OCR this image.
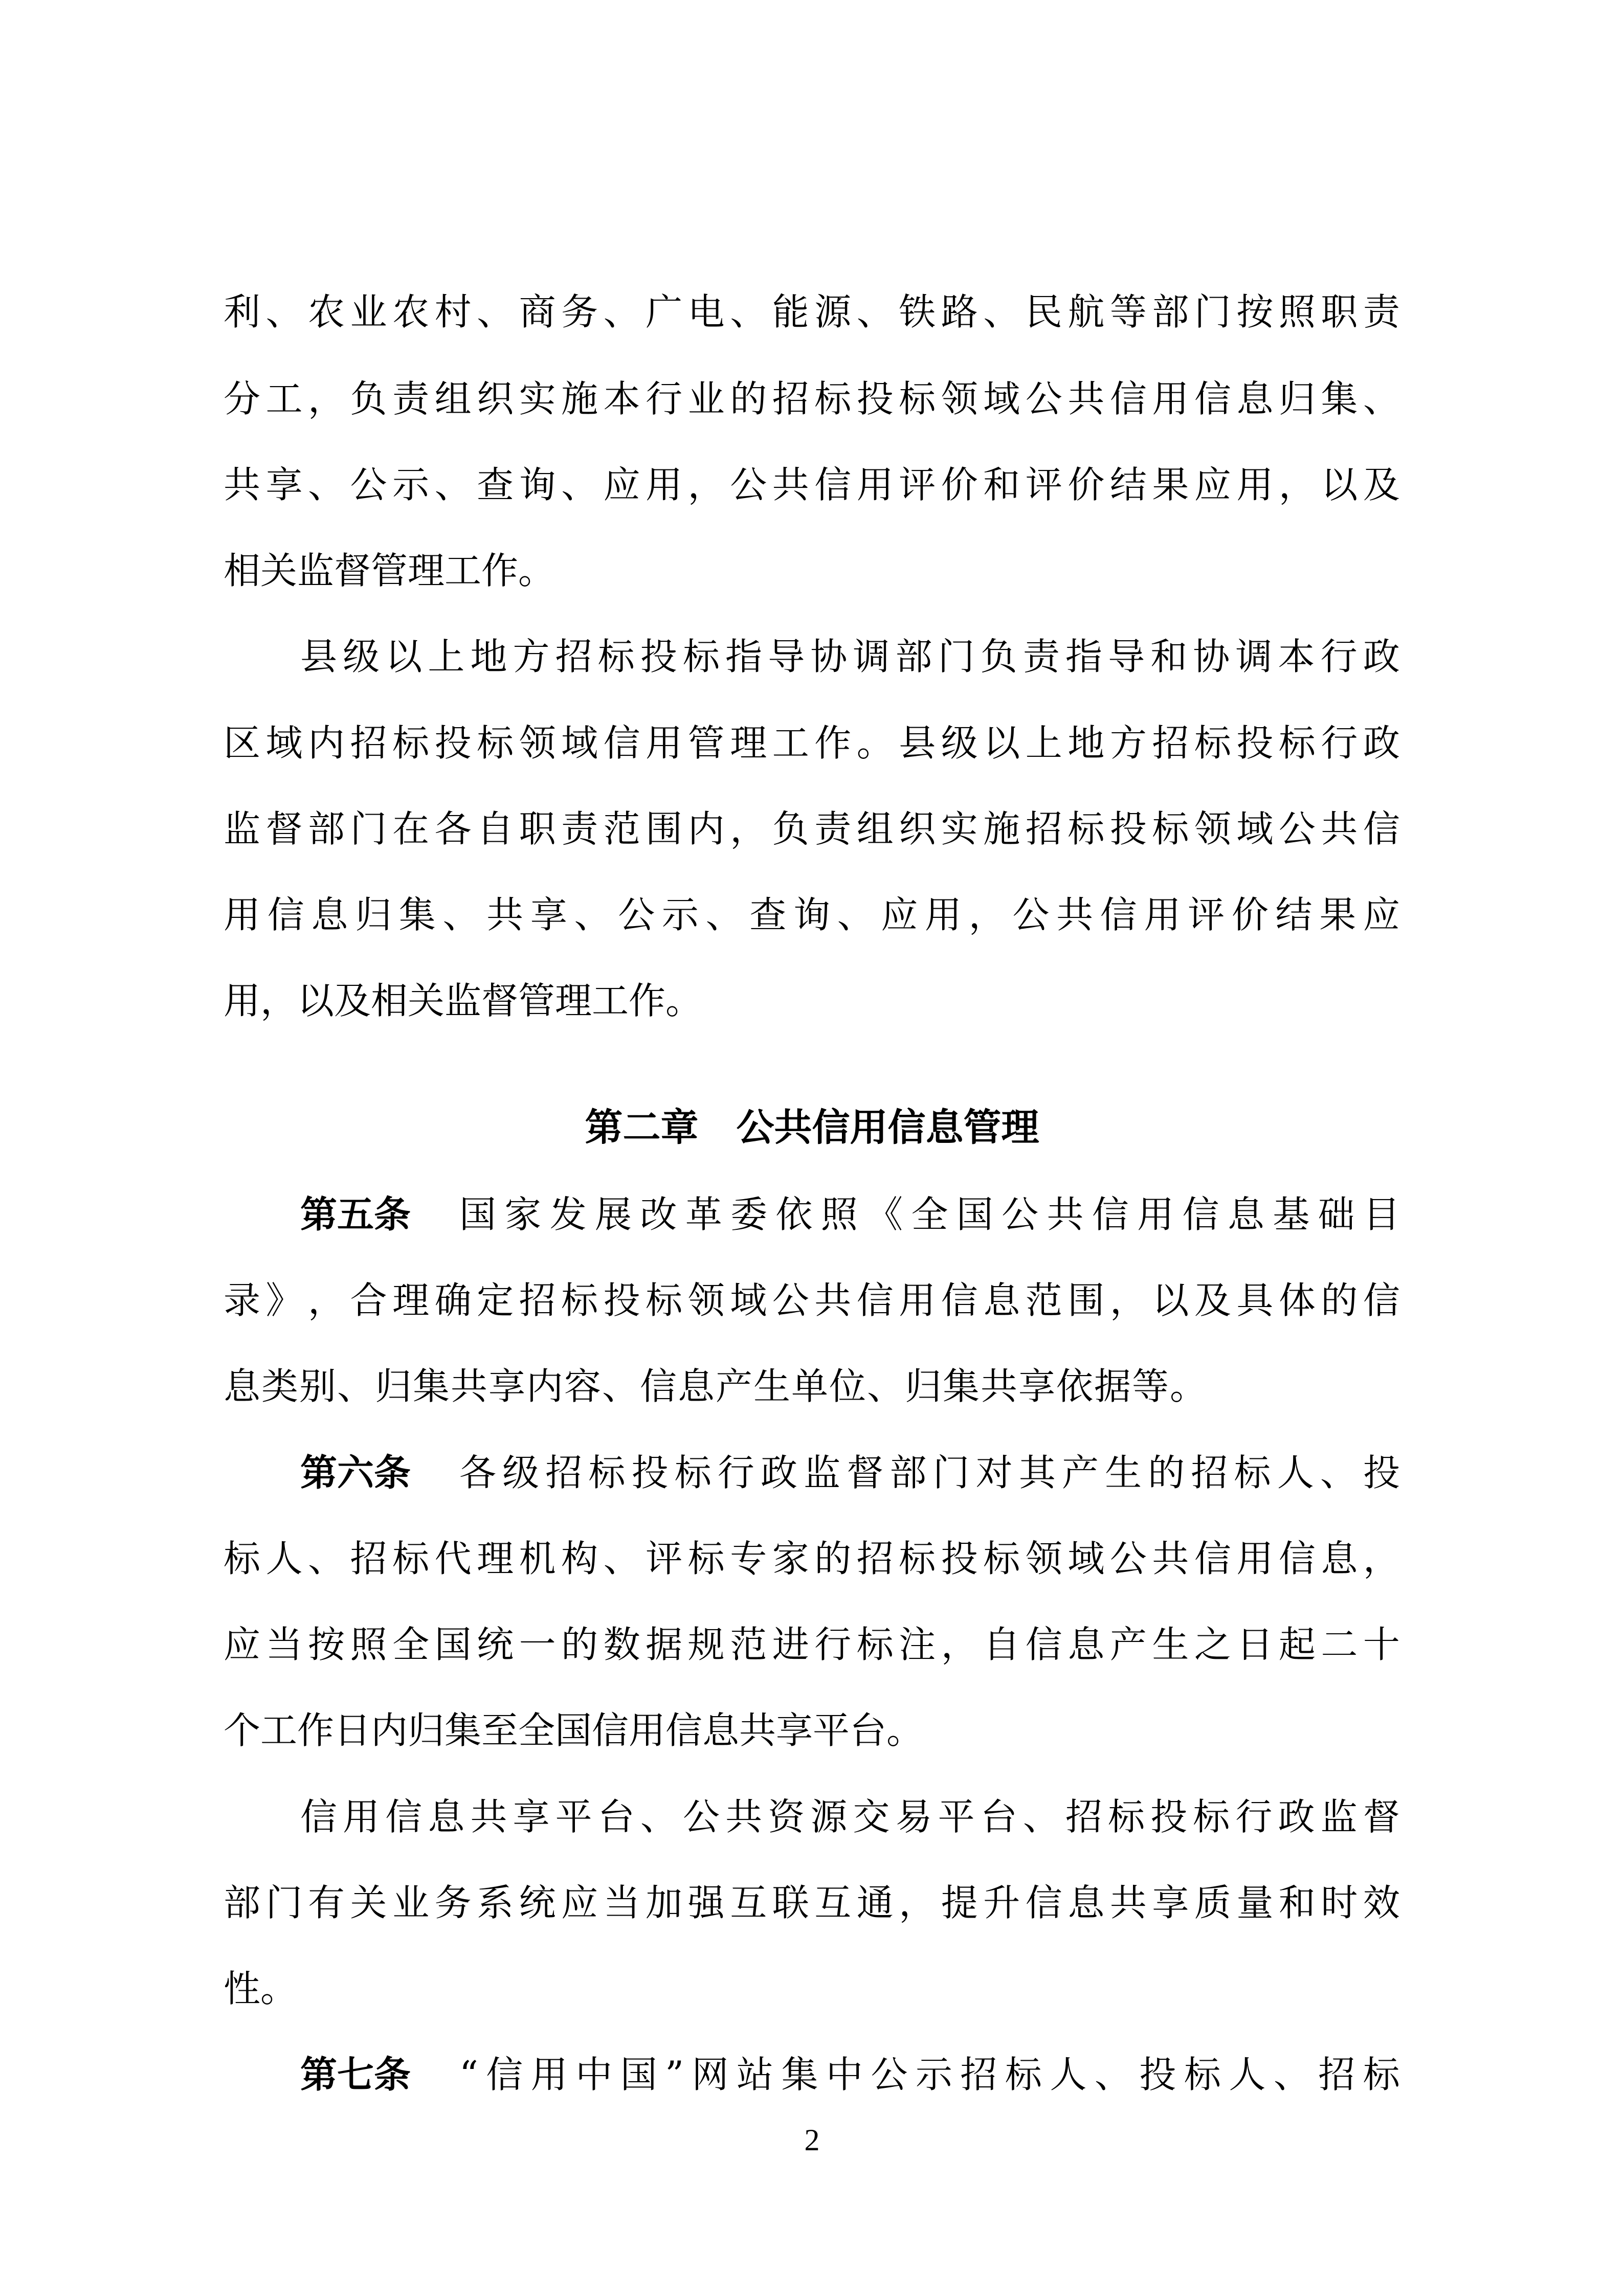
利 、 农 业 农 村 、 商 务 、 广 电 、 能 源 、 铁 路 、 民 航 等 部 门 按 照 职 责
分 工 ， 负 责 组 织 实 施 本 行 业 的 招 标 投 标 领 域 公 共 信 用 信 息 归 集 、
共 享 、 公 示 、 查 询 、 应 用 ， 公 共 信 用 评 价 和 评 价 结 果 应 用 ， 以 及
相关监督管理工作。
县 级 以 上 地 方 招 标 投 标 指 导 协 调 部 门 负 责 指 导 和 协 调 本 行 政
区 域 内 招 标 投 标 领 域 信 用 管 理 工 作 。 县 级 以 上 地 方 招 标 投 标 行 政
监 督 部 门 在 各 自 职 责 范 围 内 ， 负 责 组 织 实 施 招 标 投 标 领 域 公 共 信
用 信 息 归 集 、 共 享 、 公 示 、 查 询 、 应 用 ， 公 共 信 用 评 价 结 果 应
用，以及相关监督管理工作。
第二章　公共信用信息管理
第五条 国 家 发 展 改 革 委 依 照 《 全 国 公 共 信 用 信 息 基 础 目
录 》 ， 合 理 确 定 招 标 投 标 领 域 公 共 信 用 信 息 范 围 ， 以 及 具 体 的 信
息类别、归集共享内容、信息产生单位、归集共享依据等。
第六条 各 级 招 标 投 标 行 政 监 督 部 门 对 其 产 生 的 招 标 人 、 投
标 人 、 招 标 代 理 机 构 、 评 标 专 家 的 招 标 投 标 领 域 公 共 信 用 信 息 ，
应 当 按 照 全 国 统 一 的 数 据 规 范 进 行 标 注 ， 自 信 息 产 生 之 日 起 二 十
个工作日内归集至全国信用信息共享平台。
信 用 信 息 共 享 平 台 、 公 共 资 源 交 易 平 台 、 招 标 投 标 行 政 监 督
部 门 有 关 业 务 系 统 应 当 加 强 互 联 互 通 ， 提 升 信 息 共 享 质 量 和 时 效
性。
第七条 “ 信 用 中 国 ” 网 站 集 中 公 示 招 标 人 、 投 标 人 、 招 标
2
